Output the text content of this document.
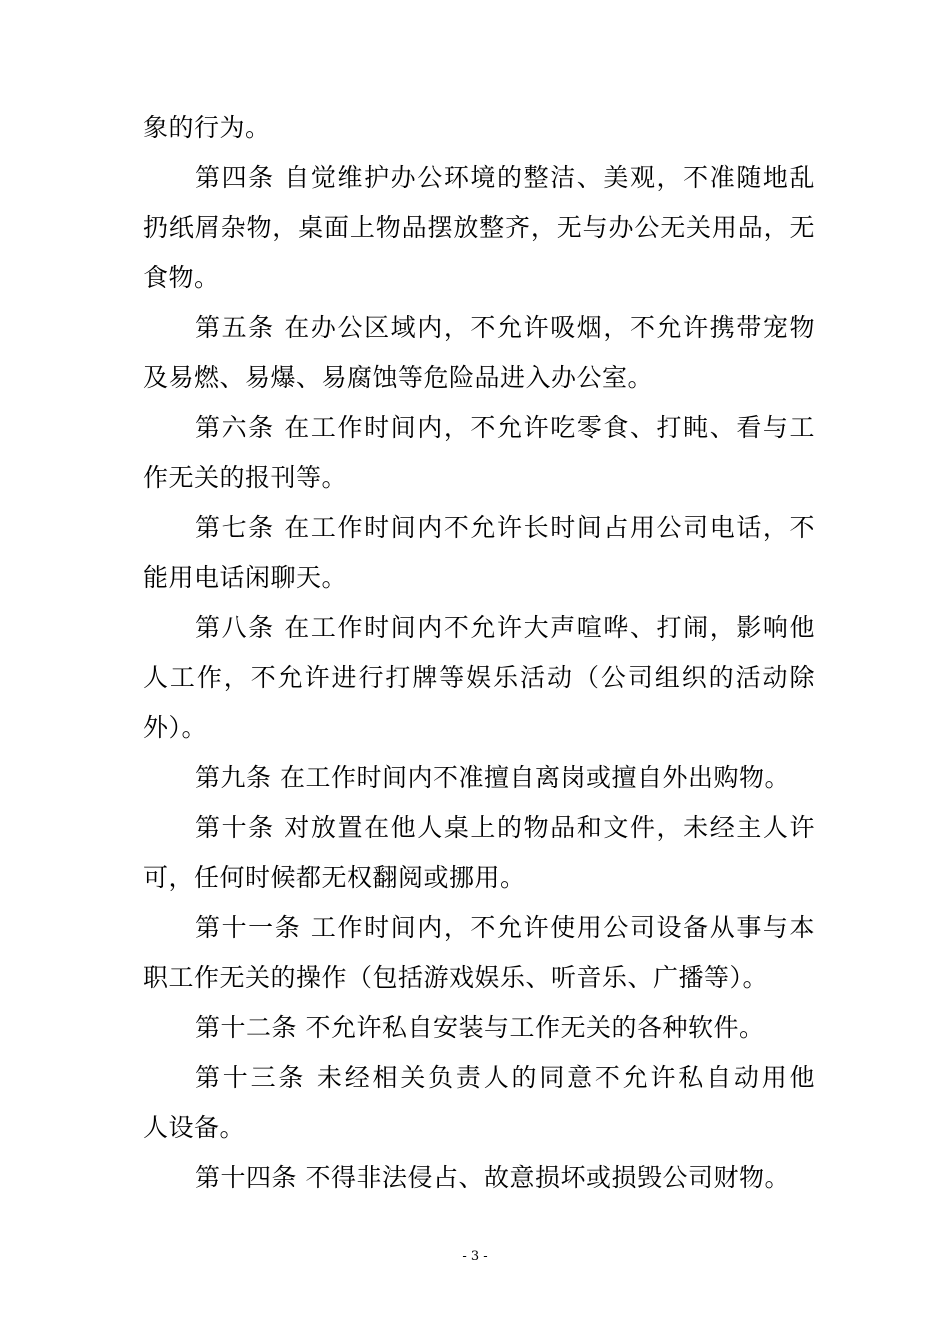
象的行为。
第四条 自觉维护办公环境的整洁、美观，不准随地乱
扔纸屑杂物，桌面上物品摆放整齐，无与办公无关用品，无
食物。
第五条 在办公区域内，不允许吸烟，不允许携带宠物
及易燃、易爆、易腐蚀等危险品进入办公室。
第六条 在工作时间内，不允许吃零食、打盹、看与工
作无关的报刊等。
第七条 在工作时间内不允许长时间占用公司电话，不
能用电话闲聊天。
第八条 在工作时间内不允许大声喧哗、打闹，影响他
人工作，不允许进行打牌等娱乐活动（公司组织的活动除
外）。
第九条 在工作时间内不准擅自离岗或擅自外出购物。
第十条 对放置在他人桌上的物品和文件，未经主人许
可，任何时候都无权翻阅或挪用。
第十一条 工作时间内，不允许使用公司设备从事与本
职工作无关的操作（包括游戏娱乐、听音乐、广播等）。
第十二条 不允许私自安装与工作无关的各种软件。
第十三条 未经相关负责人的同意不允许私自动用他
人设备。
第十四条 不得非法侵占、故意损坏或损毁公司财物。
- 3 -
